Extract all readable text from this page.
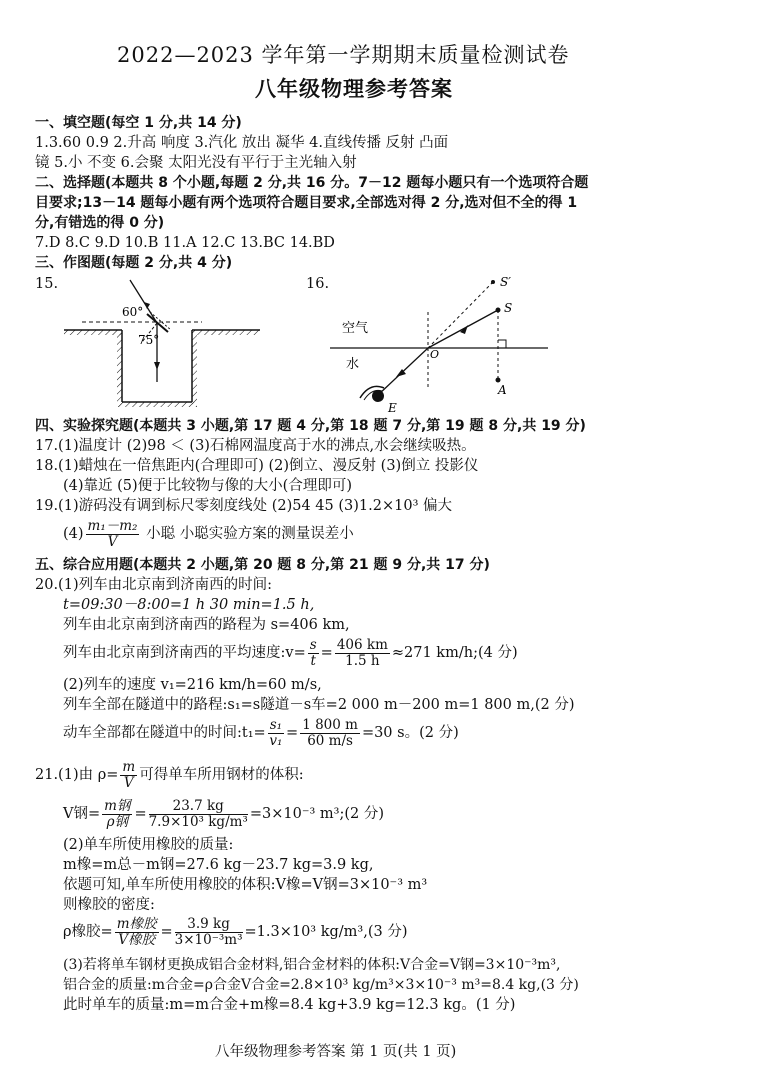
2022—2023 学年第一学期期末质量检测试卷
八年级物理参考答案
一、填空题(每空 1 分,共 14 分)
1.3.60 0.9 2.升高 响度 3.汽化 放出 凝华 4.直线传播 反射 凸面
镜 5.小 不变 6.会聚 太阳光没有平行于主光轴入射
二、选择题(本题共 8 个小题,每题 2 分,共 16 分。7－12 题每小题只有一个选项符合题
目要求;13－14 题每小题有两个选项符合题目要求,全部选对得 2 分,选对但不全的得 1
分,有错选的得 0 分)
7.D 8.C 9.D 10.B 11.A 12.C 13.BC 14.BD
三、作图题(每题 2 分,共 4 分)
15.	16.
60°
75°
空气
水
O
S
S′
A
E
四、实验探究题(本题共 3 小题,第 17 题 4 分,第 18 题 7 分,第 19 题 8 分,共 19 分)
17.(1)温度计 (2)98 ＜ (3)石棉网温度高于水的沸点,水会继续吸热。
18.(1)蜡烛在一倍焦距内(合理即可) (2)倒立、漫反射 (3)倒立 投影仪
(4)靠近 (5)便于比较物与像的大小(合理即可)
19.(1)游码没有调到标尺零刻度线处 (2)54 45 (3)1.2×10³ 偏大
$(4) \frac{\text{m₁－m₂}}{V}$ 小聪 小聪实验方案的测量误差小
五、综合应用题(本题共 2 小题,第 20 题 8 分,第 21 题 9 分,共 17 分)
20.(1)列车由北京南到济南西的时间:
t=09:30－8:00=1 h 30 min=1.5 h,
列车由北京南到济南西的路程为 s=406 km,
列车由北京南到济南西的平均速度:v= $\frac{s}{t} = \frac{406 km}{1.5 h} \approx 271$ km/h;(4 分)
(2)列车的速度 v₁=216 km/h=60 m/s,
列车全部在隧道中的路程:s₁=s隧道－s车=2 000 m－200 m=1 800 m,(2 分)
动车全部都在隧道中的时间:t₁= $\frac{\text{s₁}}{\text{v₁}} = \frac{1 800 m}{60 m/s} =30$ s。(2 分)
21.(1)由 $\rho= \frac{m}{V}$ 可得单车所用钢材的体积:
V钢= $\frac{\text{m钢}}{\text{ρ钢}} = \frac{23.7 kg}{\text{7.9×10³ kg/m³}} =3\times 10^{-3}$ m³;(2 分)
(2)单车所使用橡胶的质量:
m橡=m总－m钢=27.6 kg－23.7 kg=3.9 kg,
依题可知,单车所使用橡胶的体积:V橡=V钢=3×10⁻³ m³
则橡胶的密度:
ρ橡胶= $\frac{\text{m橡胶}}{\text{V橡胶}} = \frac{3.9 kg}{\text{3×10⁻³m³}} =1.3\times 10^3$ kg/m³,(3 分)
(3)若将单车钢材更换成铝合金材料,铝合金材料的体积:V合金=V钢=3×10⁻³m³,
铝合金的质量:m合金=ρ合金V合金=2.8×10³ kg/m³×3×10⁻³ m³=8.4 kg,(3 分)
此时单车的质量:m=m合金+m橡=8.4 kg+3.9 kg=12.3 kg。(1 分)
八年级物理参考答案 第 1 页(共 1 页)
